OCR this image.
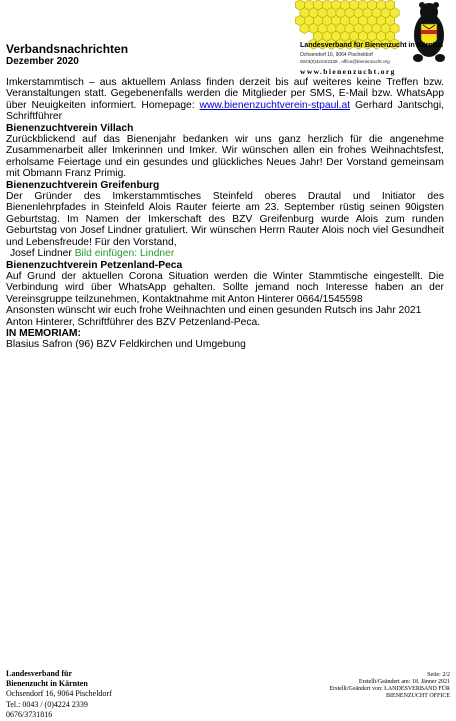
Verbandsnachrichten
Dezember 2020
Landesverband für Bienenzucht in Kärnten
Ochsendorf 16, 9064 Pischeldorf
0043(0)4224/2339 , office@bienenzucht.org
www.bienenzucht.org

Imkerstammtisch – aus aktuellem Anlass finden derzeit bis auf weiteres keine Treffen bzw. Veranstaltungen statt. Gegebenenfalls werden die Mitglieder per SMS, E-Mail bzw. WhatsApp über Neuigkeiten informiert. Homepage: www.bienenzuchtverein-stpaul.at Gerhard Jantschgi, Schriftführer

Bienenzuchtverein Villach

Zurückblickend auf das Bienenjahr bedanken wir uns ganz herzlich für die angenehme Zusammenarbeit aller Imkerinnen und Imker. Wir wünschen allen ein frohes Weihnachtsfest, erholsame Feiertage und ein gesundes und glückliches Neues Jahr! Der Vorstand gemeinsam mit Obmann Franz Primig.

Bienenzuchtverein Greifenburg

Der Gründer des Imkerstammtisches Steinfeld oberes Drautal und Initiator des Bienenlehrpfades in Steinfeld Alois Rauter feierte am 23. September rüstig seinen 90igsten Geburtstag. Im Namen der Imkerschaft des BZV Greifenburg wurde Alois zum runden Geburtstag von Josef Lindner gratuliert. Wir wünschen Herrn Rauter Alois noch viel Gesundheit und Lebensfreude! Für den Vorstand,

Josef Lindner Bild einfügen: Lindner

Bienenzuchtverein Petzenland-Peca

Auf Grund der aktuellen Corona Situation werden die Winter Stammtische eingestellt. Die Verbindung wird über WhatsApp gehalten. Sollte jemand noch Interesse haben an der Vereinsgruppe teilzunehmen, Kontaktnahme mit Anton Hinterer 0664/1545598

Ansonsten wünscht wir euch frohe Weihnachten und einen gesunden Rutsch ins Jahr 2021

Anton Hinterer, Schriftführer des BZV Petzenland-Peca.

IN MEMORIAM:

Blasius Safron (96) BZV Feldkirchen und Umgebung

Landesverband für
Bienenzucht in Kärnten
Ochsendorf 16, 9064 Pischeldorf
Tel.: 0043 / (0)4224 2339
0676/3731816
Seite: 2/2
Erstellt/Geändert am: 18. Jänner 2021
Erstellt/Geändert von: LANDESVERBAND FÜR
BIENENZUCHT OFFICE
